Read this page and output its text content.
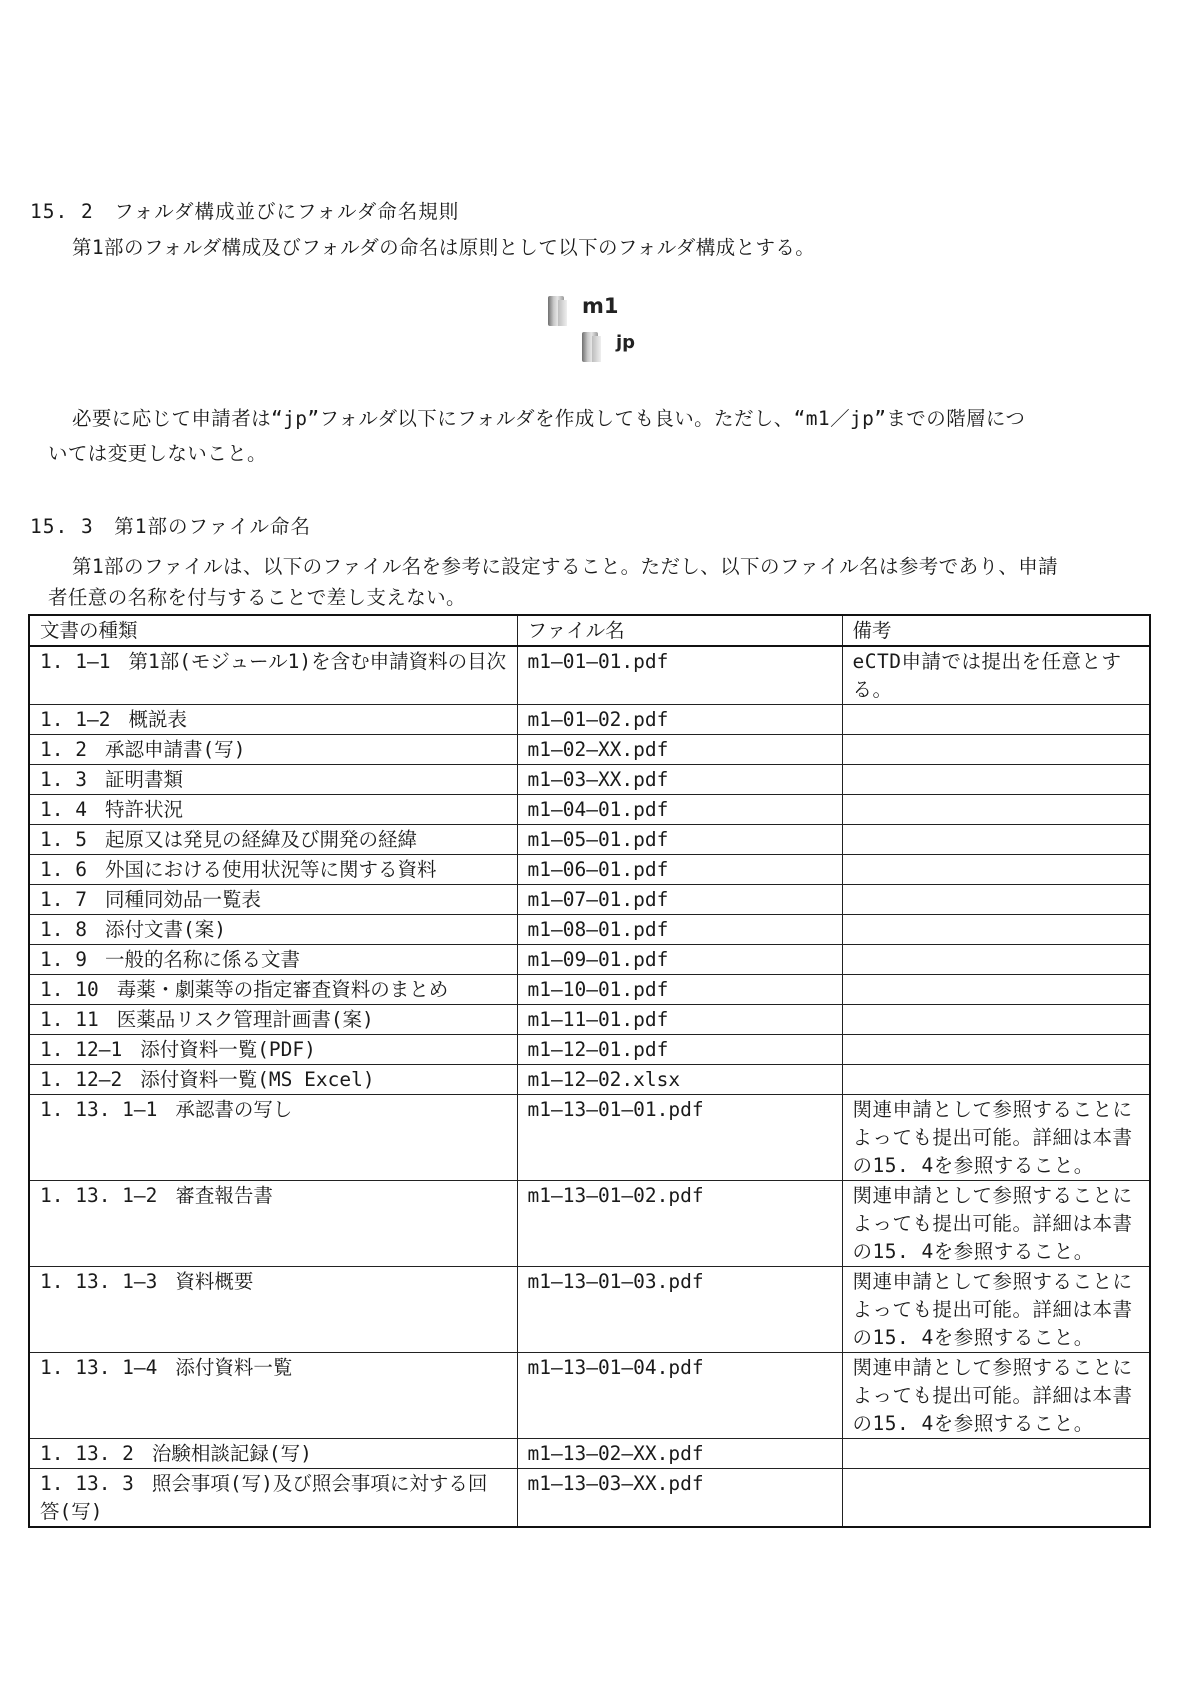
15. 2　フォルダ構成並びにフォルダ命名規則
第1部のフォルダ構成及びフォルダの命名は原則として以下のフォルダ構成とする。
m1
jp
必要に応じて申請者は“jp”フォルダ以下にフォルダを作成しても良い。ただし、“m1／jp”までの階層につ
いては変更しないこと。
15. 3　第1部のファイル命名
第1部のファイルは、以下のファイル名を参考に設定すること。ただし、以下のファイル名は参考であり、申請
者任意の名称を付与することで差し支えない。
文書の種類	ファイル名	備考
1. 1—1 第1部(モジュール1)を含む申請資料の目次	m1—01—01.pdf	eCTD申請では提出を任意とする。
1. 1—2 概説表	m1—01—02.pdf	
1. 2 承認申請書(写)	m1—02—XX.pdf	
1. 3 証明書類	m1—03—XX.pdf	
1. 4 特許状況	m1—04—01.pdf	
1. 5 起原又は発見の経緯及び開発の経緯	m1—05—01.pdf	
1. 6 外国における使用状況等に関する資料	m1—06—01.pdf	
1. 7 同種同効品一覧表	m1—07—01.pdf	
1. 8 添付文書(案)	m1—08—01.pdf	
1. 9 一般的名称に係る文書	m1—09—01.pdf	
1. 10 毒薬・劇薬等の指定審査資料のまとめ	m1—10—01.pdf	
1. 11 医薬品リスク管理計画書(案)	m1—11—01.pdf	
1. 12—1 添付資料一覧(PDF)	m1—12—01.pdf	
1. 12—2 添付資料一覧(MS Excel)	m1—12—02.xlsx	
1. 13. 1—1 承認書の写し	m1—13—01—01.pdf	関連申請として参照することによっても提出可能。詳細は本書の15. 4を参照すること。
1. 13. 1—2 審査報告書	m1—13—01—02.pdf	関連申請として参照することによっても提出可能。詳細は本書の15. 4を参照すること。
1. 13. 1—3 資料概要	m1—13—01—03.pdf	関連申請として参照することによっても提出可能。詳細は本書の15. 4を参照すること。
1. 13. 1—4 添付資料一覧	m1—13—01—04.pdf	関連申請として参照することによっても提出可能。詳細は本書の15. 4を参照すること。
1. 13. 2 治験相談記録(写)	m1—13—02—XX.pdf	
1. 13. 3 照会事項(写)及び照会事項に対する回答(写)	m1—13—03—XX.pdf	
